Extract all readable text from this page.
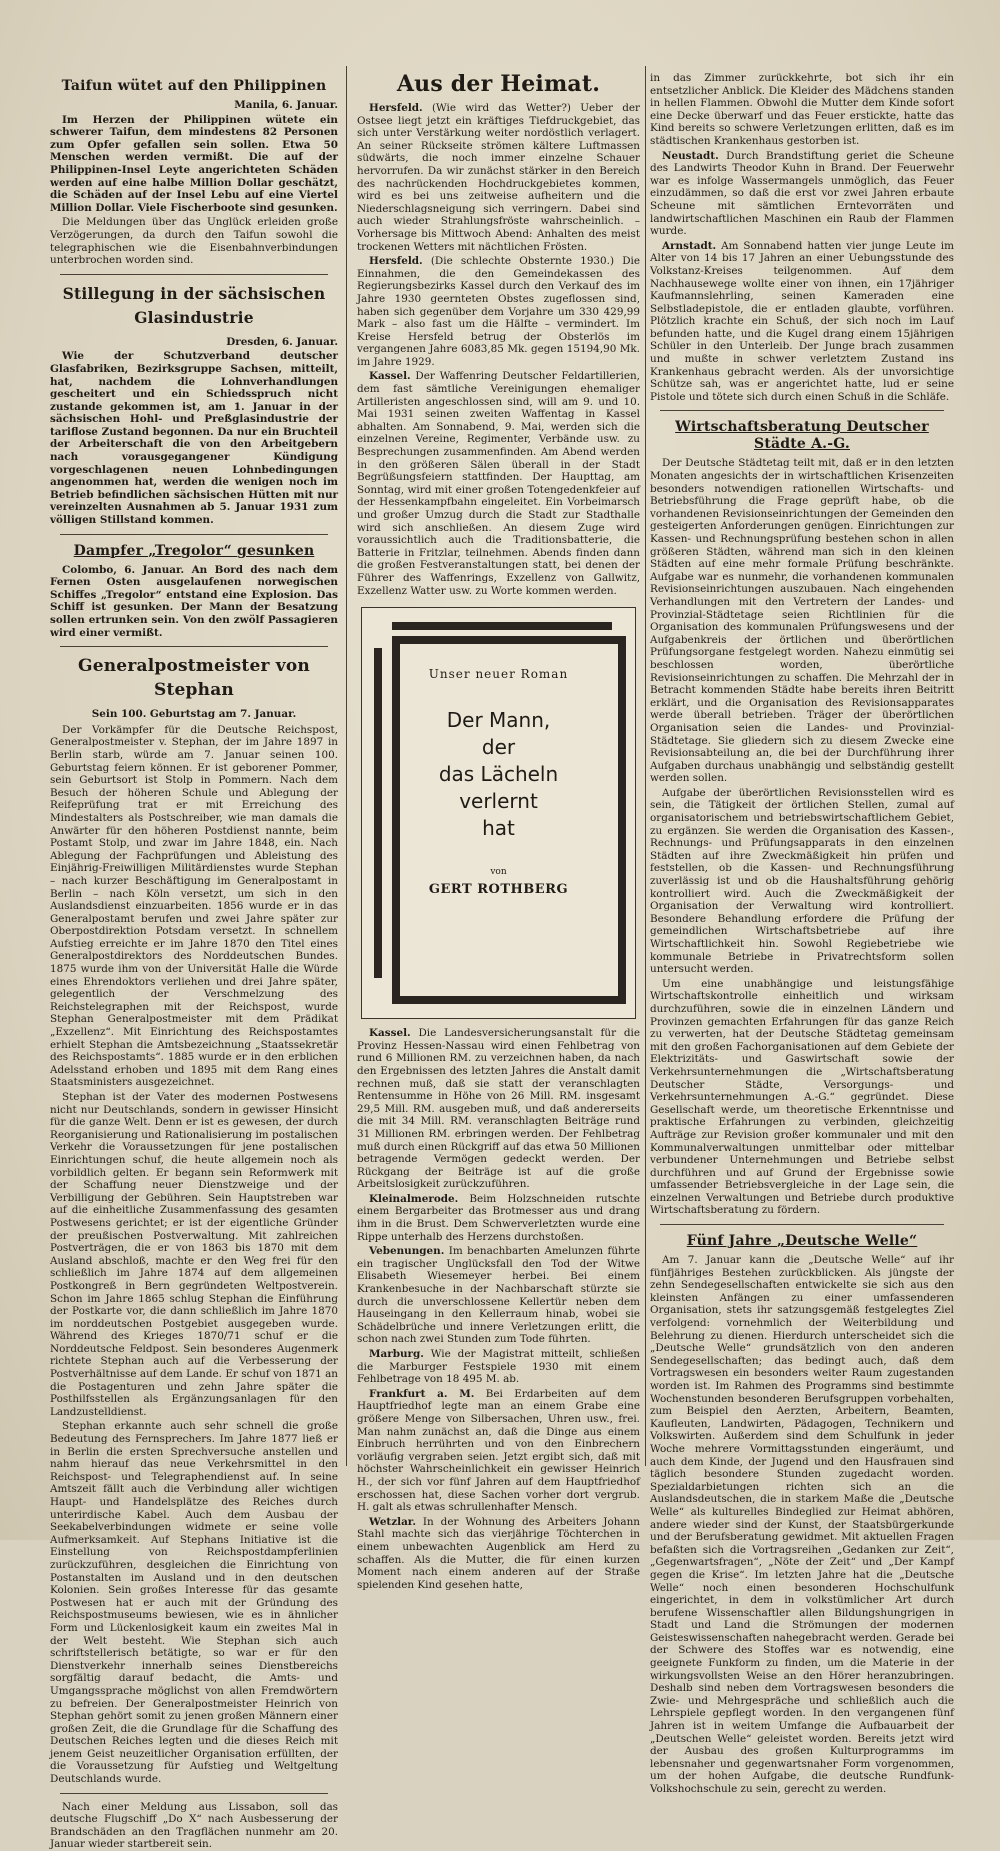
Taifun wütet auf den Philippinen
Manila, 6. Januar.

Im Herzen der Philippinen wütete ein schwerer Taifun, dem mindestens 82 Personen zum Opfer gefallen sein sollen. Etwa 50 Menschen werden vermißt. Die auf der Philippinen-Insel Leyte angerichteten Schäden werden auf eine halbe Million Dollar geschätzt, die Schäden auf der Insel Lebu auf eine Viertel Million Dollar. Viele Fischerboote sind gesunken.

Die Meldungen über das Unglück erleiden große Verzögerungen, da durch den Taifun sowohl die telegraphischen wie die Eisenbahnverbindungen unterbrochen worden sind.

Stillegung in der sächsischen Glasindustrie
Dresden, 6. Januar.

Wie der Schutzverband deutscher Glasfabriken, Bezirksgruppe Sachsen, mitteilt, hat, nachdem die Lohnverhandlungen gescheitert und ein Schiedsspruch nicht zustande gekommen ist, am 1. Januar in der sächsischen Hohl- und Preßglasindustrie der tariflose Zustand begonnen. Da nur ein Bruchteil der Arbeiterschaft die von den Arbeitgebern nach vorausgegangener Kündigung vorgeschlagenen neuen Lohnbedingungen angenommen hat, werden die wenigen noch im Betrieb befindlichen sächsischen Hütten mit nur vereinzelten Ausnahmen ab 5. Januar 1931 zum völligen Stillstand kommen.

Dampfer „Tregolor“ gesunken

Colombo, 6. Januar. An Bord des nach dem Fernen Osten ausgelaufenen norwegischen Schiffes „Tregolor“ entstand eine Explosion. Das Schiff ist gesunken. Der Mann der Besatzung sollen ertrunken sein. Von den zwölf Passagieren wird einer vermißt.

Generalpostmeister von Stephan
Sein 100. Geburtstag am 7. Januar.

Der Vorkämpfer für die Deutsche Reichspost, Generalpostmeister v. Stephan, der im Jahre 1897 in Berlin starb, würde am 7. Januar seinen 100. Geburtstag feiern können. Er ist geborener Pommer, sein Geburtsort ist Stolp in Pommern. Nach dem Besuch der höheren Schule und Ablegung der Reifeprüfung trat er mit Erreichung des Mindestalters als Postschreiber, wie man damals die Anwärter für den höheren Postdienst nannte, beim Postamt Stolp, und zwar im Jahre 1848, ein. Nach Ablegung der Fachprüfungen und Ableistung des Einjährig-Freiwilligen Militärdienstes wurde Stephan – nach kurzer Beschäftigung im Generalpostamt in Berlin – nach Köln versetzt, um sich in den Auslandsdienst einzuarbeiten. 1856 wurde er in das Generalpostamt berufen und zwei Jahre später zur Oberpostdirektion Potsdam versetzt. In schnellem Aufstieg erreichte er im Jahre 1870 den Titel eines Generalpostdirektors des Norddeutschen Bundes. 1875 wurde ihm von der Universität Halle die Würde eines Ehrendoktors verliehen und drei Jahre später, gelegentlich der Verschmelzung des Reichstelegraphen mit der Reichspost, wurde Stephan Generalpostmeister mit dem Prädikat „Exzellenz“. Mit Einrichtung des Reichspostamtes erhielt Stephan die Amtsbezeichnung „Staatssekretär des Reichspostamts“. 1885 wurde er in den erblichen Adelsstand erhoben und 1895 mit dem Rang eines Staatsministers ausgezeichnet.

Stephan ist der Vater des modernen Postwesens nicht nur Deutschlands, sondern in gewisser Hinsicht für die ganze Welt. Denn er ist es gewesen, der durch Reorganisierung und Rationalisierung im postalischen Verkehr die Voraussetzungen für jene postalischen Einrichtungen schuf, die heute allgemein noch als vorbildlich gelten. Er begann sein Reformwerk mit der Schaffung neuer Dienstzweige und der Verbilligung der Gebühren. Sein Hauptstreben war auf die einheitliche Zusammenfassung des gesamten Postwesens gerichtet; er ist der eigentliche Gründer der preußischen Postverwaltung. Mit zahlreichen Postverträgen, die er von 1863 bis 1870 mit dem Ausland abschloß, machte er den Weg frei für den schließlich im Jahre 1874 auf dem allgemeinen Postkongreß in Bern gegründeten Weltpostverein. Schon im Jahre 1865 schlug Stephan die Einführung der Postkarte vor, die dann schließlich im Jahre 1870 im norddeutschen Postgebiet ausgegeben wurde. Während des Krieges 1870/71 schuf er die Norddeutsche Feldpost. Sein besonderes Augenmerk richtete Stephan auch auf die Verbesserung der Postverhältnisse auf dem Lande. Er schuf von 1871 an die Postagenturen und zehn Jahre später die Posthilfsstellen als Ergänzungsanlagen für den Landzustelldienst.

Stephan erkannte auch sehr schnell die große Bedeutung des Fernsprechers. Im Jahre 1877 ließ er in Berlin die ersten Sprechversuche anstellen und nahm hierauf das neue Verkehrsmittel in den Reichspost- und Telegraphendienst auf. In seine Amtszeit fällt auch die Verbindung aller wichtigen Haupt- und Handelsplätze des Reiches durch unterirdische Kabel. Auch dem Ausbau der Seekabelverbindungen widmete er seine volle Aufmerksamkeit. Auf Stephans Initiative ist die Einstellung von Reichspostdampferlinien zurückzuführen, desgleichen die Einrichtung von Postanstalten im Ausland und in den deutschen Kolonien. Sein großes Interesse für das gesamte Postwesen hat er auch mit der Gründung des Reichspostmuseums bewiesen, wie es in ähnlicher Form und Lückenlosigkeit kaum ein zweites Mal in der Welt besteht. Wie Stephan sich auch schriftstellerisch betätigte, so war er für den Dienstverkehr innerhalb seines Dienstbereichs sorgfältig darauf bedacht, die Amts- und Umgangssprache möglichst von allen Fremdwörtern zu befreien. Der Generalpostmeister Heinrich von Stephan gehört somit zu jenen großen Männern einer großen Zeit, die die Grundlage für die Schaffung des Deutschen Reiches legten und die dieses Reich mit jenem Geist neuzeitlicher Organisation erfüllten, der die Voraussetzung für Aufstieg und Weltgeltung Deutschlands wurde.

Nach einer Meldung aus Lissabon, soll das deutsche Flugschiff „Do X“ nach Ausbesserung der Brandschäden an den Tragflächen nunmehr am 20. Januar wieder startbereit sein.

Aus der Heimat.

Hersfeld. (Wie wird das Wetter?) Ueber der Ostsee liegt jetzt ein kräftiges Tiefdruckgebiet, das sich unter Verstärkung weiter nordöstlich verlagert. An seiner Rückseite strömen kältere Luftmassen südwärts, die noch immer einzelne Schauer hervorrufen. Da wir zunächst stärker in den Bereich des nachrückenden Hochdruckgebietes kommen, wird es bei uns zeitweise aufheitern und die Niederschlagsneigung sich verringern. Dabei sind auch wieder Strahlungsfröste wahrscheinlich. – Vorhersage bis Mittwoch Abend: Anhalten des meist trockenen Wetters mit nächtlichen Frösten.

Hersfeld. (Die schlechte Obsternte 1930.) Die Einnahmen, die den Gemeindekassen des Regierungsbezirks Kassel durch den Verkauf des im Jahre 1930 geernteten Obstes zugeflossen sind, haben sich gegenüber dem Vorjahre um 330 429,99 Mark – also fast um die Hälfte – vermindert. Im Kreise Hersfeld betrug der Obsterlös im vergangenen Jahre 6083,85 Mk. gegen 15194,90 Mk. im Jahre 1929.

Kassel. Der Waffenring Deutscher Feldartillerien, dem fast sämtliche Vereinigungen ehemaliger Artilleristen angeschlossen sind, will am 9. und 10. Mai 1931 seinen zweiten Waffentag in Kassel abhalten. Am Sonnabend, 9. Mai, werden sich die einzelnen Vereine, Regimenter, Verbände usw. zu Besprechungen zusammenfinden. Am Abend werden in den größeren Sälen überall in der Stadt Begrüßungsfeiern stattfinden. Der Haupttag, am Sonntag, wird mit einer großen Totengedenkfeier auf der Hessenkampfbahn eingeleitet. Ein Vorbeimarsch und großer Umzug durch die Stadt zur Stadthalle wird sich anschließen. An diesem Zuge wird voraussichtlich auch die Traditionsbatterie, die Batterie in Fritzlar, teilnehmen. Abends finden dann die großen Festveranstaltungen statt, bei denen der Führer des Waffenrings, Exzellenz von Gallwitz, Exzellenz Watter usw. zu Worte kommen werden.

Unser neuer Roman
Der Mann,
der
das Lächeln
verlernt
hat
von
GERT ROTHBERG

Kassel. Die Landesversicherungsanstalt für die Provinz Hessen-Nassau wird einen Fehlbetrag von rund 6 Millionen RM. zu verzeichnen haben, da nach den Ergebnissen des letzten Jahres die Anstalt damit rechnen muß, daß sie statt der veranschlagten Rentensumme in Höhe von 26 Mill. RM. insgesamt 29,5 Mill. RM. ausgeben muß, und daß andererseits die mit 34 Mill. RM. veranschlagten Beiträge rund 31 Millionen RM. erbringen werden. Der Fehlbetrag muß durch einen Rückgriff auf das etwa 50 Millionen betragende Vermögen gedeckt werden. Der Rückgang der Beiträge ist auf die große Arbeitslosigkeit zurückzuführen.

Kleinalmerode. Beim Holzschneiden rutschte einem Bergarbeiter das Brotmesser aus und drang ihm in die Brust. Dem Schwerverletzten wurde eine Rippe unterhalb des Herzens durchstoßen.

Vebenungen. Im benachbarten Amelunzen führte ein tragischer Unglücksfall den Tod der Witwe Elisabeth Wiesemeyer herbei. Bei einem Krankenbesuche in der Nachbarschaft stürzte sie durch die unverschlossene Kellertür neben dem Hauseingang in den Kellerraum hinab, wobei sie Schädelbrüche und innere Verletzungen erlitt, die schon nach zwei Stunden zum Tode führten.

Marburg. Wie der Magistrat mitteilt, schließen die Marburger Festspiele 1930 mit einem Fehlbetrage von 18 495 M. ab.

Frankfurt a. M. Bei Erdarbeiten auf dem Hauptfriedhof legte man an einem Grabe eine größere Menge von Silbersachen, Uhren usw., frei. Man nahm zunächst an, daß die Dinge aus einem Einbruch herrührten und von den Einbrechern vorläufig vergraben seien. Jetzt ergibt sich, daß mit höchster Wahrscheinlichkeit ein gewisser Heinrich H., der sich vor fünf Jahren auf dem Hauptfriedhof erschossen hat, diese Sachen vorher dort vergrub. H. galt als etwas schrullenhafter Mensch.

Wetzlar. In der Wohnung des Arbeiters Johann Stahl machte sich das vierjährige Töchterchen in einem unbewachten Augenblick am Herd zu schaffen. Als die Mutter, die für einen kurzen Moment nach einem anderen auf der Straße spielenden Kind gesehen hatte,

in das Zimmer zurückkehrte, bot sich ihr ein entsetzlicher Anblick. Die Kleider des Mädchens standen in hellen Flammen. Obwohl die Mutter dem Kinde sofort eine Decke überwarf und das Feuer erstickte, hatte das Kind bereits so schwere Verletzungen erlitten, daß es im städtischen Krankenhaus gestorben ist.

Neustadt. Durch Brandstiftung geriet die Scheune des Landwirts Theodor Kuhn in Brand. Der Feuerwehr war es infolge Wassermangels unmöglich, das Feuer einzudämmen, so daß die erst vor zwei Jahren erbaute Scheune mit sämtlichen Erntevorräten und landwirtschaftlichen Maschinen ein Raub der Flammen wurde.

Arnstadt. Am Sonnabend hatten vier junge Leute im Alter von 14 bis 17 Jahren an einer Uebungsstunde des Volkstanz-Kreises teilgenommen. Auf dem Nachhausewege wollte einer von ihnen, ein 17jähriger Kaufmannslehrling, seinen Kameraden eine Selbstladepistole, die er entladen glaubte, vorführen. Plötzlich krachte ein Schuß, der sich noch im Lauf befunden hatte, und die Kugel drang einem 15jährigen Schüler in den Unterleib. Der Junge brach zusammen und mußte in schwer verletztem Zustand ins Krankenhaus gebracht werden. Als der unvorsichtige Schütze sah, was er angerichtet hatte, lud er seine Pistole und tötete sich durch einen Schuß in die Schläfe.

Wirtschaftsberatung Deutscher Städte A.-G.

Der Deutsche Städtetag teilt mit, daß er in den letzten Monaten angesichts der in wirtschaftlichen Krisenzeiten besonders notwendigen rationellen Wirtschafts- und Betriebsführung die Frage geprüft habe, ob die vorhandenen Revisionseinrichtungen der Gemeinden den gesteigerten Anforderungen genügen. Einrichtungen zur Kassen- und Rechnungsprüfung bestehen schon in allen größeren Städten, während man sich in den kleinen Städten auf eine mehr formale Prüfung beschränkte. Aufgabe war es nunmehr, die vorhandenen kommunalen Revisionseinrichtungen auszubauen. Nach eingehenden Verhandlungen mit den Vertretern der Landes- und Provinzial-Städtetage seien Richtlinien für die Organisation des kommunalen Prüfungswesens und der Aufgabenkreis der örtlichen und überörtlichen Prüfungsorgane festgelegt worden. Nahezu einmütig sei beschlossen worden, überörtliche Revisionseinrichtungen zu schaffen. Die Mehrzahl der in Betracht kommenden Städte habe bereits ihren Beitritt erklärt, und die Organisation des Revisionsapparates werde überall betrieben. Träger der überörtlichen Organisation seien die Landes- und Provinzial-Städtetage. Sie gliedern sich zu diesem Zwecke eine Revisionsabteilung an, die bei der Durchführung ihrer Aufgaben durchaus unabhängig und selbständig gestellt werden sollen.

Aufgabe der überörtlichen Revisionsstellen wird es sein, die Tätigkeit der örtlichen Stellen, zumal auf organisatorischem und betriebswirtschaftlichem Gebiet, zu ergänzen. Sie werden die Organisation des Kassen-, Rechnungs- und Prüfungsapparats in den einzelnen Städten auf ihre Zweckmäßigkeit hin prüfen und feststellen, ob die Kassen- und Rechnungsführung zuverlässig ist und ob die Haushaltsführung gehörig kontrolliert wird. Auch die Zweckmäßigkeit der Organisation der Verwaltung wird kontrolliert. Besondere Behandlung erfordere die Prüfung der gemeindlichen Wirtschaftsbetriebe auf ihre Wirtschaftlichkeit hin. Sowohl Regiebetriebe wie kommunale Betriebe in Privatrechtsform sollen untersucht werden.

Um eine unabhängige und leistungsfähige Wirtschaftskontrolle einheitlich und wirksam durchzuführen, sowie die in einzelnen Ländern und Provinzen gemachten Erfahrungen für das ganze Reich zu verwerten, hat der Deutsche Städtetag gemeinsam mit den großen Fachorganisationen auf dem Gebiete der Elektrizitäts- und Gaswirtschaft sowie der Verkehrsunternehmungen die „Wirtschaftsberatung Deutscher Städte, Versorgungs- und Verkehrsunternehmungen A.-G.“ gegründet. Diese Gesellschaft werde, um theoretische Erkenntnisse und praktische Erfahrungen zu verbinden, gleichzeitig Aufträge zur Revision großer kommunaler und mit den Kommunalverwaltungen unmittelbar oder mittelbar verbundener Unternehmungen und Betriebe selbst durchführen und auf Grund der Ergebnisse sowie umfassender Betriebsvergleiche in der Lage sein, die einzelnen Verwaltungen und Betriebe durch produktive Wirtschaftsberatung zu fördern.

Fünf Jahre „Deutsche Welle“

Am 7. Januar kann die „Deutsche Welle“ auf ihr fünfjähriges Bestehen zurückblicken. Als jüngste der zehn Sendegesellschaften entwickelte sie sich aus den kleinsten Anfängen zu einer umfassenderen Organisation, stets ihr satzungsgemäß festgelegtes Ziel verfolgend: vornehmlich der Weiterbildung und Belehrung zu dienen. Hierdurch unterscheidet sich die „Deutsche Welle“ grundsätzlich von den anderen Sendegesellschaften; das bedingt auch, daß dem Vortragswesen ein besonders weiter Raum zugestanden worden ist. Im Rahmen des Programms sind bestimmte Wochenstunden besonderen Berufsgruppen vorbehalten, zum Beispiel den Aerzten, Arbeitern, Beamten, Kaufleuten, Landwirten, Pädagogen, Technikern und Volkswirten. Außerdem sind dem Schulfunk in jeder Woche mehrere Vormittagsstunden eingeräumt, und auch dem Kinde, der Jugend und den Hausfrauen sind täglich besondere Stunden zugedacht worden. Spezialdarbietungen richten sich an die Auslandsdeutschen, die in starkem Maße die „Deutsche Welle“ als kulturelles Bindeglied zur Heimat abhören, andere wieder sind der Kunst, der Staatsbürgerkunde und der Berufsberatung gewidmet. Mit aktuellen Fragen befaßten sich die Vortragsreihen „Gedanken zur Zeit“, „Gegenwartsfragen“, „Nöte der Zeit“ und „Der Kampf gegen die Krise“. Im letzten Jahre hat die „Deutsche Welle“ noch einen besonderen Hochschulfunk eingerichtet, in dem in volkstümlicher Art durch berufene Wissenschaftler allen Bildungshungrigen in Stadt und Land die Strömungen der modernen Geisteswissenschaften nahegebracht werden. Gerade bei der Schwere des Stoffes war es notwendig, eine geeignete Funkform zu finden, um die Materie in der wirkungsvollsten Weise an den Hörer heranzubringen. Deshalb sind neben dem Vortragswesen besonders die Zwie- und Mehrgespräche und schließlich auch die Lehrspiele gepflegt worden. In den vergangenen fünf Jahren ist in weitem Umfange die Aufbauarbeit der „Deutschen Welle“ geleistet worden. Bereits jetzt wird der Ausbau des großen Kulturprogramms im lebensnaher und gegenwartsnaher Form vorgenommen, um der hohen Aufgabe, die deutsche Rundfunk-Volkshochschule zu sein, gerecht zu werden.
